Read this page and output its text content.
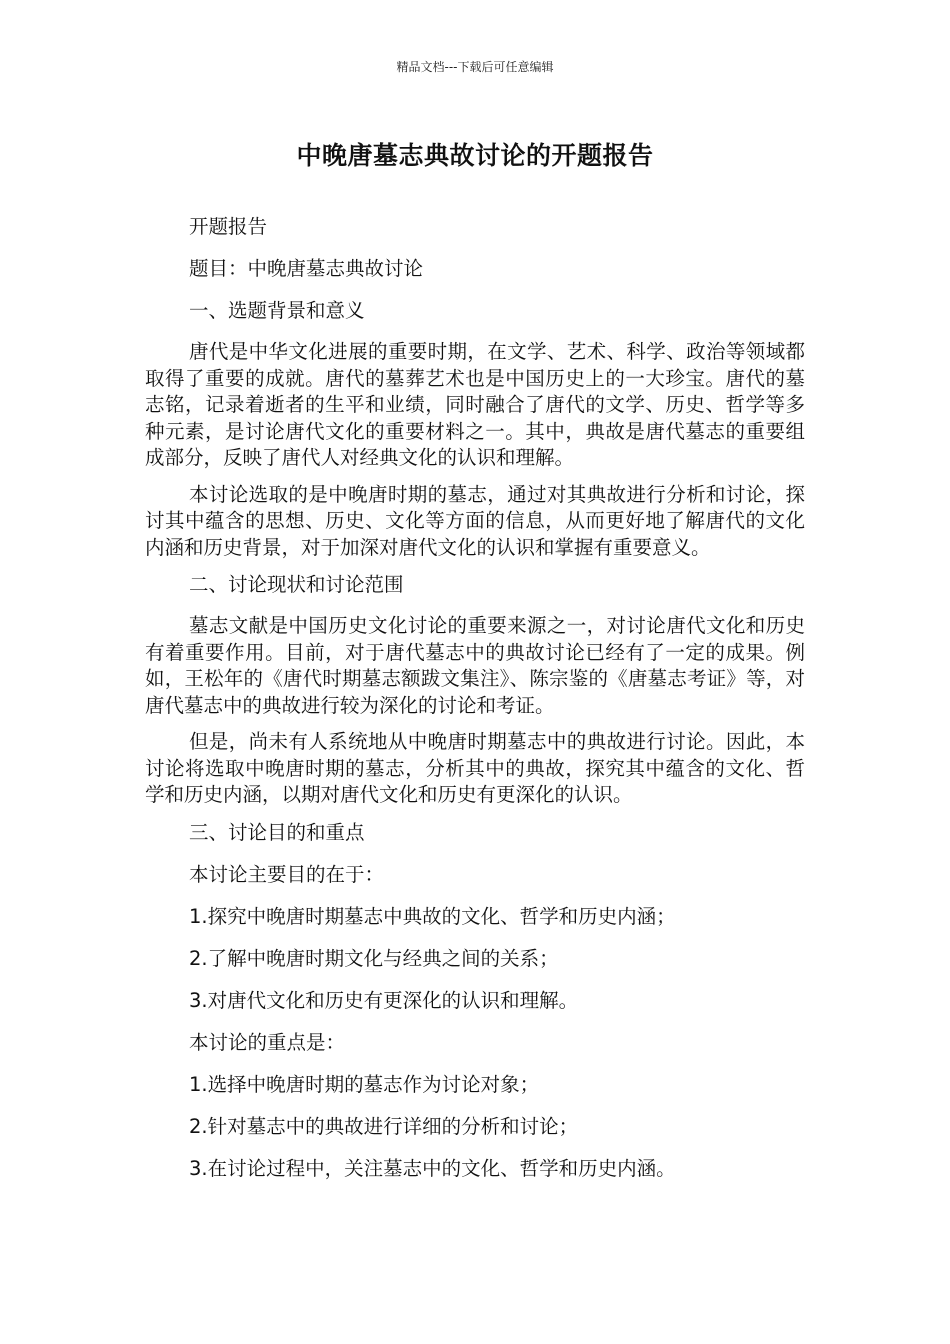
精品文档---下载后可任意编辑
中晚唐墓志典故讨论的开题报告

开题报告

题目：中晚唐墓志典故讨论

一、选题背景和意义

唐代是中华文化进展的重要时期，在文学、艺术、科学、政治等领域都取得了重要的成就。唐代的墓葬艺术也是中国历史上的一大珍宝。唐代的墓志铭，记录着逝者的生平和业绩，同时融合了唐代的文学、历史、哲学等多种元素，是讨论唐代文化的重要材料之一。其中，典故是唐代墓志的重要组成部分，反映了唐代人对经典文化的认识和理解。

本讨论选取的是中晚唐时期的墓志，通过对其典故进行分析和讨论，探讨其中蕴含的思想、历史、文化等方面的信息，从而更好地了解唐代的文化内涵和历史背景，对于加深对唐代文化的认识和掌握有重要意义。

二、讨论现状和讨论范围

墓志文献是中国历史文化讨论的重要来源之一，对讨论唐代文化和历史有着重要作用。目前，对于唐代墓志中的典故讨论已经有了一定的成果。例如，王松年的《唐代时期墓志额跋文集注》、陈宗鉴的《唐墓志考证》等，对唐代墓志中的典故进行较为深化的讨论和考证。

但是，尚未有人系统地从中晚唐时期墓志中的典故进行讨论。因此，本讨论将选取中晚唐时期的墓志，分析其中的典故，探究其中蕴含的文化、哲学和历史内涵，以期对唐代文化和历史有更深化的认识。

三、讨论目的和重点

本讨论主要目的在于：

1.探究中晚唐时期墓志中典故的文化、哲学和历史内涵；

2.了解中晚唐时期文化与经典之间的关系；

3.对唐代文化和历史有更深化的认识和理解。

本讨论的重点是：

1.选择中晚唐时期的墓志作为讨论对象；

2.针对墓志中的典故进行详细的分析和讨论；

3.在讨论过程中，关注墓志中的文化、哲学和历史内涵。
